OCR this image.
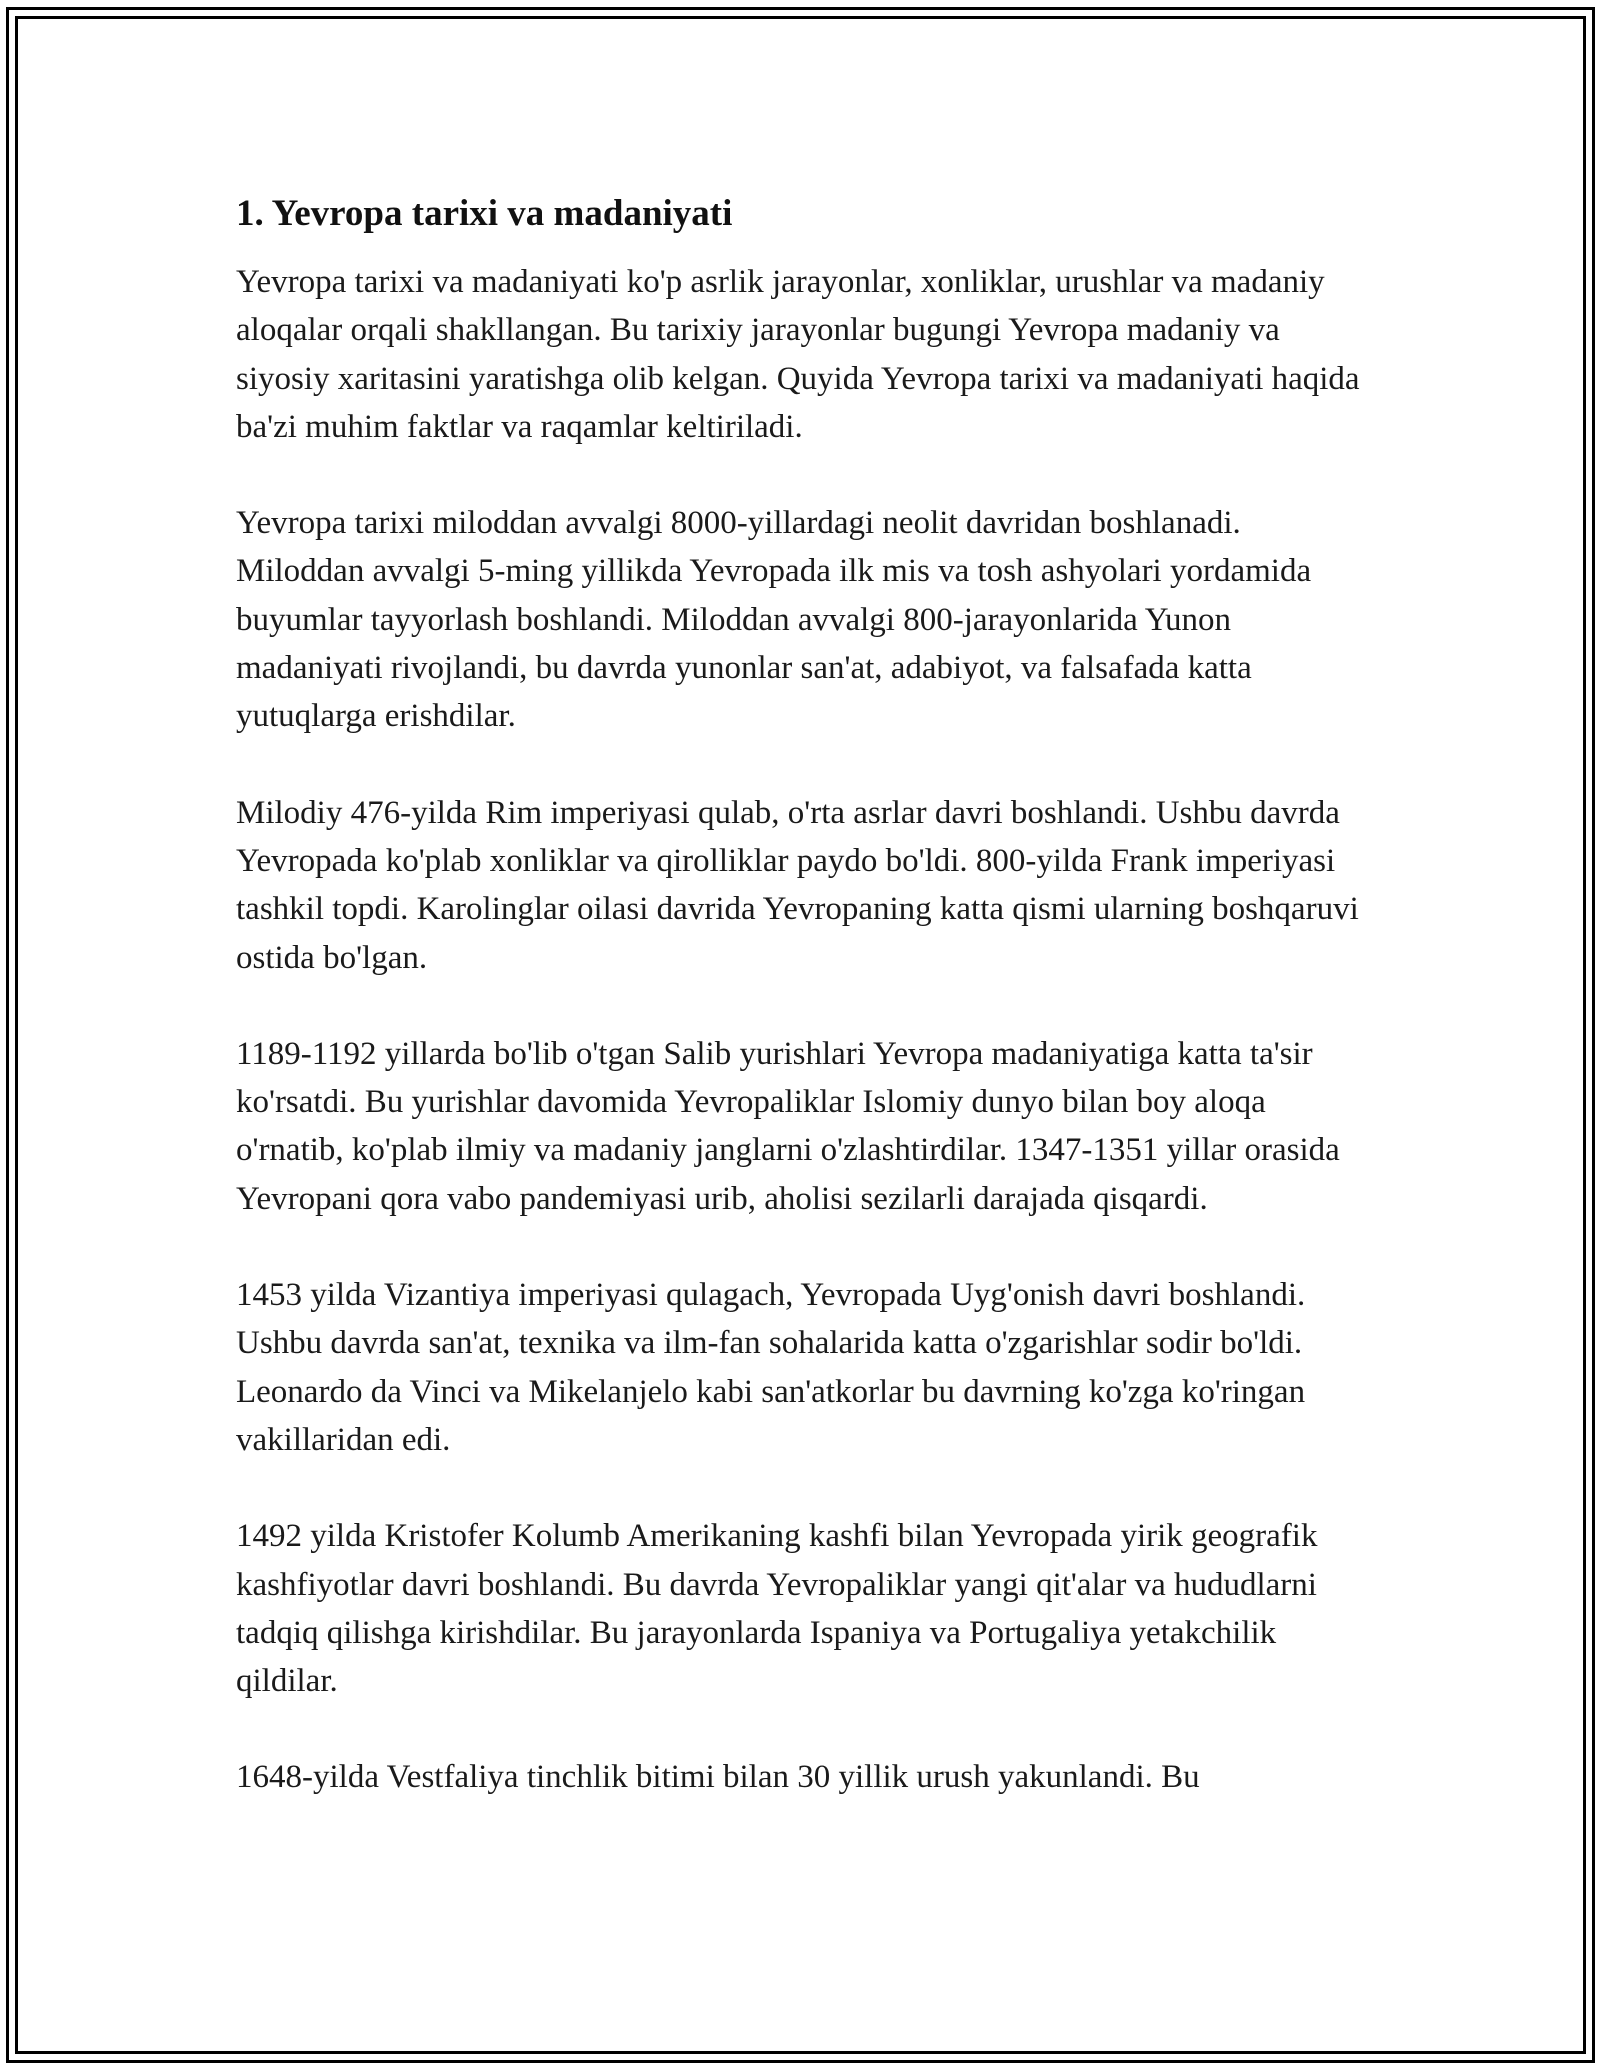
1. Yevropa tarixi va madaniyati

Yevropa tarixi va madaniyati ko'p asrlik jarayonlar, xonliklar, urushlar va madaniy aloqalar orqali shakllangan. Bu tarixiy jarayonlar bugungi Yevropa madaniy va siyosiy xaritasini yaratishga olib kelgan. Quyida Yevropa tarixi va madaniyati haqida ba'zi muhim faktlar va raqamlar keltiriladi.

Yevropa tarixi miloddan avvalgi 8000-yillardagi neolit davridan boshlanadi. Miloddan avvalgi 5-ming yillikda Yevropada ilk mis va tosh ashyolari yordamida buyumlar tayyorlash boshlandi. Miloddan avvalgi 800-jarayonlarida Yunon madaniyati rivojlandi, bu davrda yunonlar san'at, adabiyot, va falsafada katta yutuqlarga erishdilar.

Milodiy 476-yilda Rim imperiyasi qulab, o'rta asrlar davri boshlandi. Ushbu davrda Yevropada ko'plab xonliklar va qirolliklar paydo bo'ldi. 800-yilda Frank imperiyasi tashkil topdi. Karolinglar oilasi davrida Yevropaning katta qismi ularning boshqaruvi ostida bo'lgan.

1189-1192 yillarda bo'lib o'tgan Salib yurishlari Yevropa madaniyatiga katta ta'sir ko'rsatdi. Bu yurishlar davomida Yevropaliklar Islomiy dunyo bilan boy aloqa o'rnatib, ko'plab ilmiy va madaniy janglarni o'zlashtirdilar. 1347-1351 yillar orasida Yevropani qora vabo pandemiyasi urib, aholisi sezilarli darajada qisqardi.

1453 yilda Vizantiya imperiyasi qulagach, Yevropada Uyg'onish davri boshlandi. Ushbu davrda san'at, texnika va ilm-fan sohalarida katta o'zgarishlar sodir bo'ldi. Leonardo da Vinci va Mikelanjelo kabi san'atkorlar bu davrning ko'zga ko'ringan vakillaridan edi.

1492 yilda Kristofer Kolumb Amerikaning kashfi bilan Yevropada yirik geografik kashfiyotlar davri boshlandi. Bu davrda Yevropaliklar yangi qit'alar va hududlarni tadqiq qilishga kirishdilar. Bu jarayonlarda Ispaniya va Portugaliya yetakchilik qildilar.

1648-yilda Vestfaliya tinchlik bitimi bilan 30 yillik urush yakunlandi. Bu
